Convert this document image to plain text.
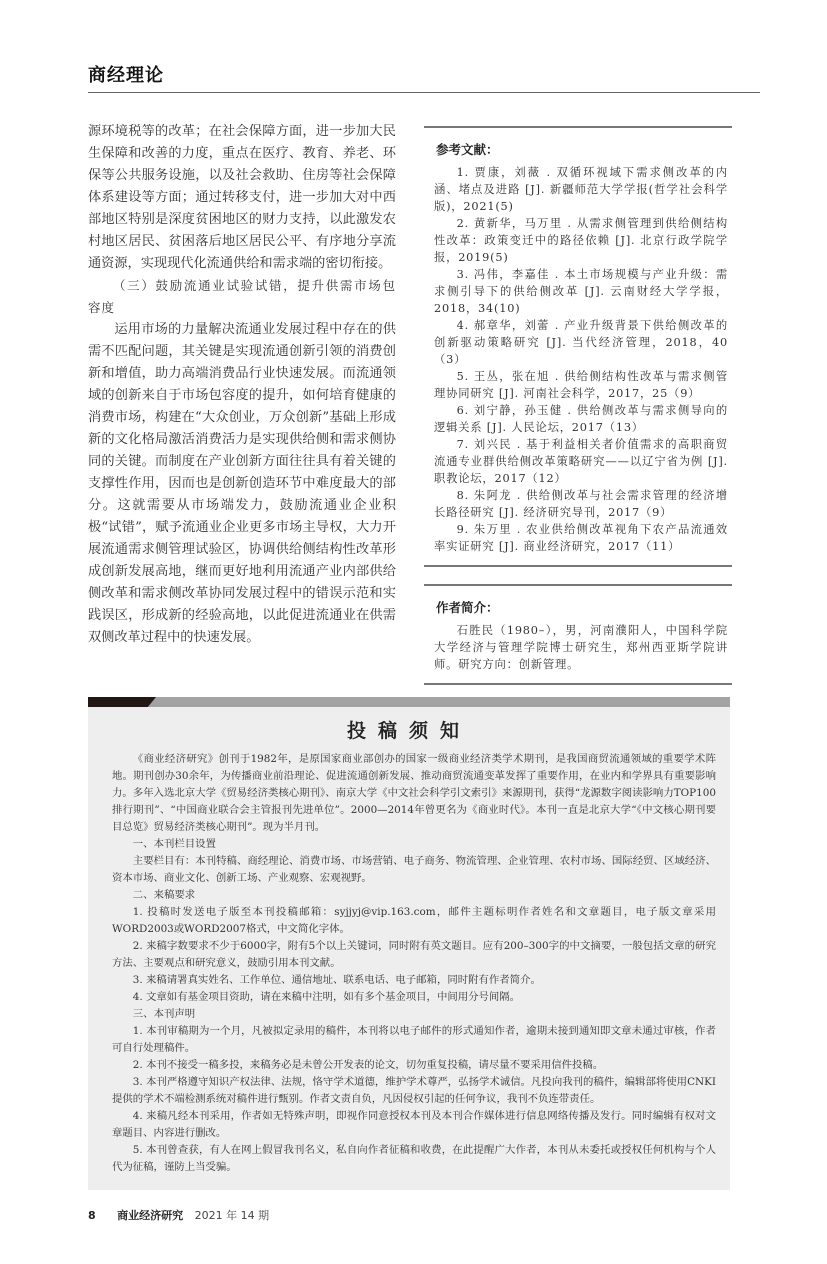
商经理论

源环境税等的改革；在社会保障方面，进一步加大民生保障和改善的力度，重点在医疗、教育、养老、环保等公共服务设施，以及社会救助、住房等社会保障体系建设等方面；通过转移支付，进一步加大对中西部地区特别是深度贫困地区的财力支持，以此激发农村地区居民、贫困落后地区居民公平、有序地分享流通资源，实现现代化流通供给和需求端的密切衔接。

（三）鼓励流通业试验试错，提升供需市场包容度

运用市场的力量解决流通业发展过程中存在的供需不匹配问题，其关键是实现流通创新引领的消费创新和增值，助力高端消费品行业快速发展。而流通领域的创新来自于市场包容度的提升，如何培育健康的消费市场，构建在“大众创业，万众创新”基础上形成新的文化格局激活消费活力是实现供给侧和需求侧协同的关键。而制度在产业创新方面往往具有着关键的支撑性作用，因而也是创新创造环节中难度最大的部分。这就需要从市场端发力，鼓励流通业企业积极“试错”，赋予流通业企业更多市场主导权，大力开展流通需求侧管理试验区，协调供给侧结构性改革形成创新发展高地，继而更好地利用流通产业内部供给侧改革和需求侧改革协同发展过程中的错误示范和实践误区，形成新的经验高地，以此促进流通业在供需双侧改革过程中的快速发展。

参考文献：

1. 贾康，刘薇 . 双循环视域下需求侧改革的内涵、堵点及进路 [J]. 新疆师范大学学报(哲学社会科学版)，2021(5)

2. 黄新华，马万里 . 从需求侧管理到供给侧结构性改革：政策变迁中的路径依赖 [J]. 北京行政学院学报，2019(5)

3. 冯伟，李嘉佳 . 本土市场规模与产业升级：需求侧引导下的供给侧改革 [J]. 云南财经大学学报，2018，34(10)

4. 郝章华，刘蕾 . 产业升级背景下供给侧改革的创新驱动策略研究 [J]. 当代经济管理，2018，40（3）

5. 王丛，张在旭 . 供给侧结构性改革与需求侧管理协同研究 [J]. 河南社会科学，2017，25（9）

6. 刘宁静，孙玉健 . 供给侧改革与需求侧导向的逻辑关系 [J]. 人民论坛，2017（13）

7. 刘兴民 . 基于利益相关者价值需求的高职商贸流通专业群供给侧改革策略研究——以辽宁省为例 [J]. 职教论坛，2017（12）

8. 朱阿龙 . 供给侧改革与社会需求管理的经济增长路径研究 [J]. 经济研究导刊，2017（9）

9. 朱万里 . 农业供给侧改革视角下农产品流通效率实证研究 [J]. 商业经济研究，2017（11）

作者简介：

石胜民（1980–），男，河南濮阳人，中国科学院大学经济与管理学院博士研究生，郑州西亚斯学院讲师。研究方向：创新管理。

投稿须知

《商业经济研究》创刊于1982年，是原国家商业部创办的国家一级商业经济类学术期刊，是我国商贸流通领域的重要学术阵地。期刊创办30余年，为传播商业前沿理论、促进流通创新发展、推动商贸流通变革发挥了重要作用，在业内和学界具有重要影响力。多年入选北京大学《贸易经济类核心期刊》、南京大学《中文社会科学引文索引》来源期刊，获得“龙源数字阅读影响力TOP100排行期刊”、“中国商业联合会主管报刊先进单位”。2000—2014年曾更名为《商业时代》。本刊一直是北京大学“《中文核心期刊要目总览》贸易经济类核心期刊”。现为半月刊。

一、本刊栏目设置

主要栏目有：本刊特稿、商经理论、消费市场、市场营销、电子商务、物流管理、企业管理、农村市场、国际经贸、区域经济、资本市场、商业文化、创新工场、产业观察、宏观视野。

二、来稿要求

1. 投稿时发送电子版至本刊投稿邮箱：syjjyj@vip.163.com，邮件主题标明作者姓名和文章题目，电子版文章采用WORD2003或WORD2007格式，中文简化字体。

2. 来稿字数要求不少于6000字，附有5个以上关键词，同时附有英文题目。应有200–300字的中文摘要，一般包括文章的研究方法、主要观点和研究意义，鼓励引用本刊文献。

3. 来稿请署真实姓名、工作单位、通信地址、联系电话、电子邮箱，同时附有作者简介。

4. 文章如有基金项目资助，请在来稿中注明，如有多个基金项目，中间用分号间隔。

三、本刊声明

1. 本刊审稿期为一个月，凡被拟定录用的稿件，本刊将以电子邮件的形式通知作者，逾期未接到通知即文章未通过审核，作者可自行处理稿件。

2. 本刊不接受一稿多投，来稿务必是未曾公开发表的论文，切勿重复投稿，请尽量不要采用信件投稿。

3. 本刊严格遵守知识产权法律、法规，恪守学术道德，维护学术尊严，弘扬学术诚信。凡投向我刊的稿件，编辑部将使用CNKI提供的学术不端检测系统对稿件进行甄别。作者文责自负，凡因侵权引起的任何争议，我刊不负连带责任。

4. 来稿凡经本刊采用，作者如无特殊声明，即视作同意授权本刊及本刊合作媒体进行信息网络传播及发行。同时编辑有权对文章题目、内容进行删改。

5. 本刊曾查获，有人在网上假冒我刊名义，私自向作者征稿和收费，在此提醒广大作者，本刊从未委托或授权任何机构与个人代为征稿，谨防上当受骗。

8 商业经济研究 2021 年 14 期
